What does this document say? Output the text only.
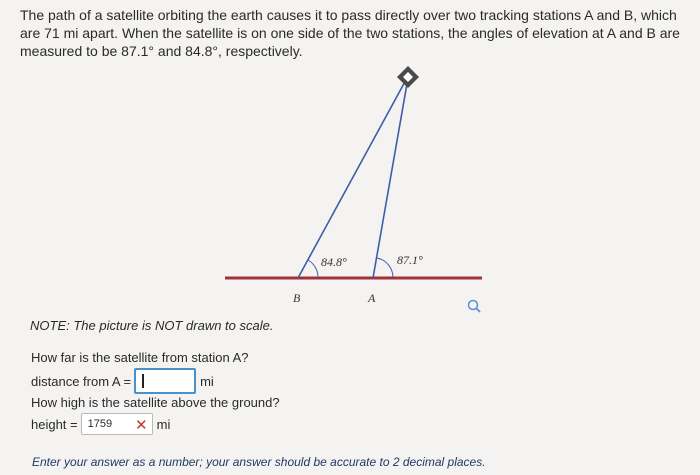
The path of a satellite orbiting the earth causes it to pass directly over two tracking stations A and B, which are 71 mi apart. When the satellite is on one side of the two stations, the angles of elevation at A and B are measured to be 87.1° and 84.8°, respectively.
84.8°	87.1°
B	A
NOTE: The picture is NOT drawn to scale.
How far is the satellite from station A?
distance from A =	mi
How high is the satellite above the ground?
height = 1759 ✕ mi
Enter your answer as a number; your answer should be accurate to 2 decimal places.
